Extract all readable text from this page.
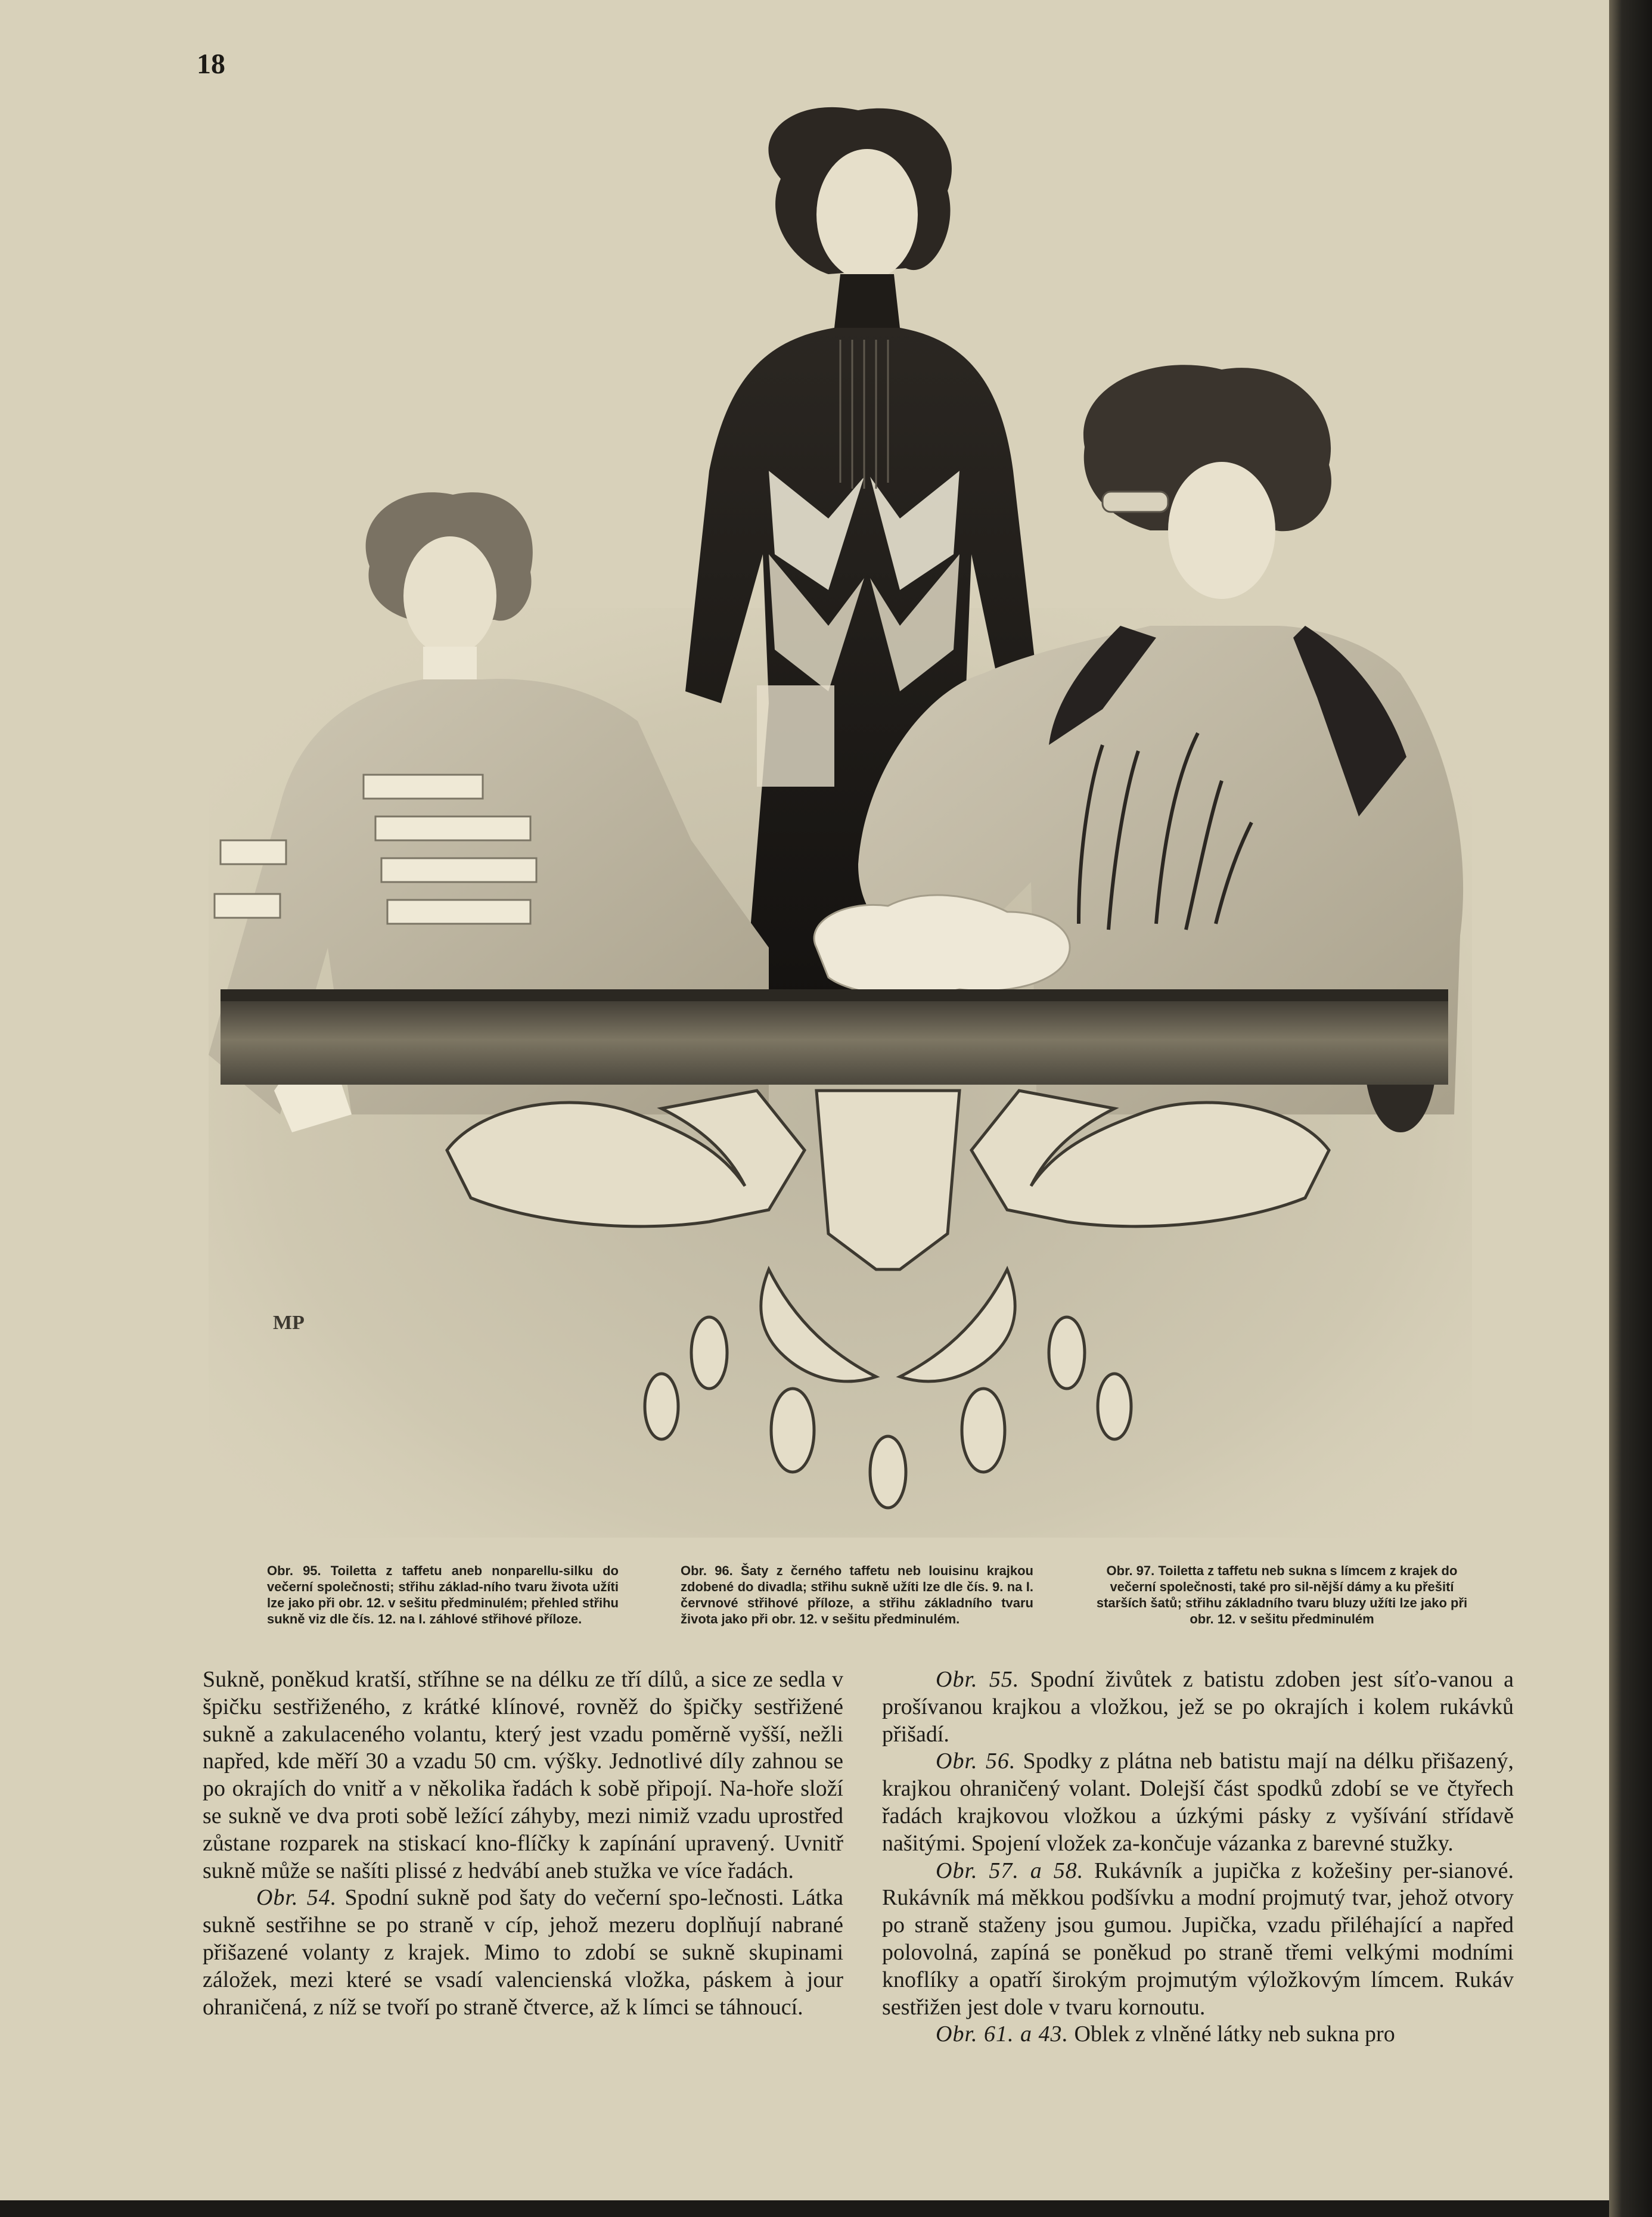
18
MP
Obr. 95. Toiletta z taffetu aneb nonparellu-silku do večerní společnosti; střihu základ-ního tvaru života užíti lze jako při obr. 12. v sešitu předminulém; přehled střihu sukně viz dle čís. 12. na I. záhlové střihové příloze.
Obr. 96. Šaty z černého taffetu neb louisinu krajkou zdobené do divadla; střihu sukně užíti lze dle čís. 9. na I. červnové střihové příloze, a střihu základního tvaru života jako při obr. 12. v sešitu předminulém.
Obr. 97. Toiletta z taffetu neb sukna s límcem z krajek do večerní společnosti, také pro sil-nější dámy a ku přešití starších šatů; střihu základního tvaru bluzy užíti lze jako při obr. 12. v sešitu předminulém

Sukně, poněkud kratší, stříhne se na délku ze tří dílů, a sice ze sedla v špičku sestřiženého, z krátké klínové, rovněž do špičky sestřižené sukně a zakulaceného volantu, který jest vzadu poměrně vyšší, nežli napřed, kde měří 30 a vzadu 50 cm. výšky. Jednotlivé díly zahnou se po okrajích do vnitř a v několika řadách k sobě připojí. Na-hoře složí se sukně ve dva proti sobě ležící záhyby, mezi nimiž vzadu uprostřed zůstane rozparek na stiskací kno-flíčky k zapínání upravený. Uvnitř sukně může se našíti plissé z hedvábí aneb stužka ve více řadách.

Obr. 54. Spodní sukně pod šaty do večerní spo-lečnosti. Látka sukně sestřihne se po straně v cíp, jehož mezeru doplňují nabrané přišazené volanty z krajek. Mimo to zdobí se sukně skupinami záložek, mezi které se vsadí valencienská vložka, páskem à jour ohraničená, z níž se tvoří po straně čtverce, až k límci se táhnoucí.

Obr. 55. Spodní živůtek z batistu zdoben jest síťo-vanou a prošívanou krajkou a vložkou, jež se po okrajích i kolem rukávků přišadí.

Obr. 56. Spodky z plátna neb batistu mají na délku přišazený, krajkou ohraničený volant. Dolejší část spodků zdobí se ve čtyřech řadách krajkovou vložkou a úzkými pásky z vyšívání střídavě našitými. Spojení vložek za-končuje vázanka z barevné stužky.

Obr. 57. a 58. Rukávník a jupička z kožešiny per-sianové. Rukávník má měkkou podšívku a modní projmutý tvar, jehož otvory po straně staženy jsou gumou. Jupička, vzadu přiléhající a napřed polovolná, zapíná se poněkud po straně třemi velkými modními knoflíky a opatří širokým projmutým výložkovým límcem. Rukáv sestřižen jest dole v tvaru kornoutu.

Obr. 61. a 43. Oblek z vlněné látky neb sukna pro
